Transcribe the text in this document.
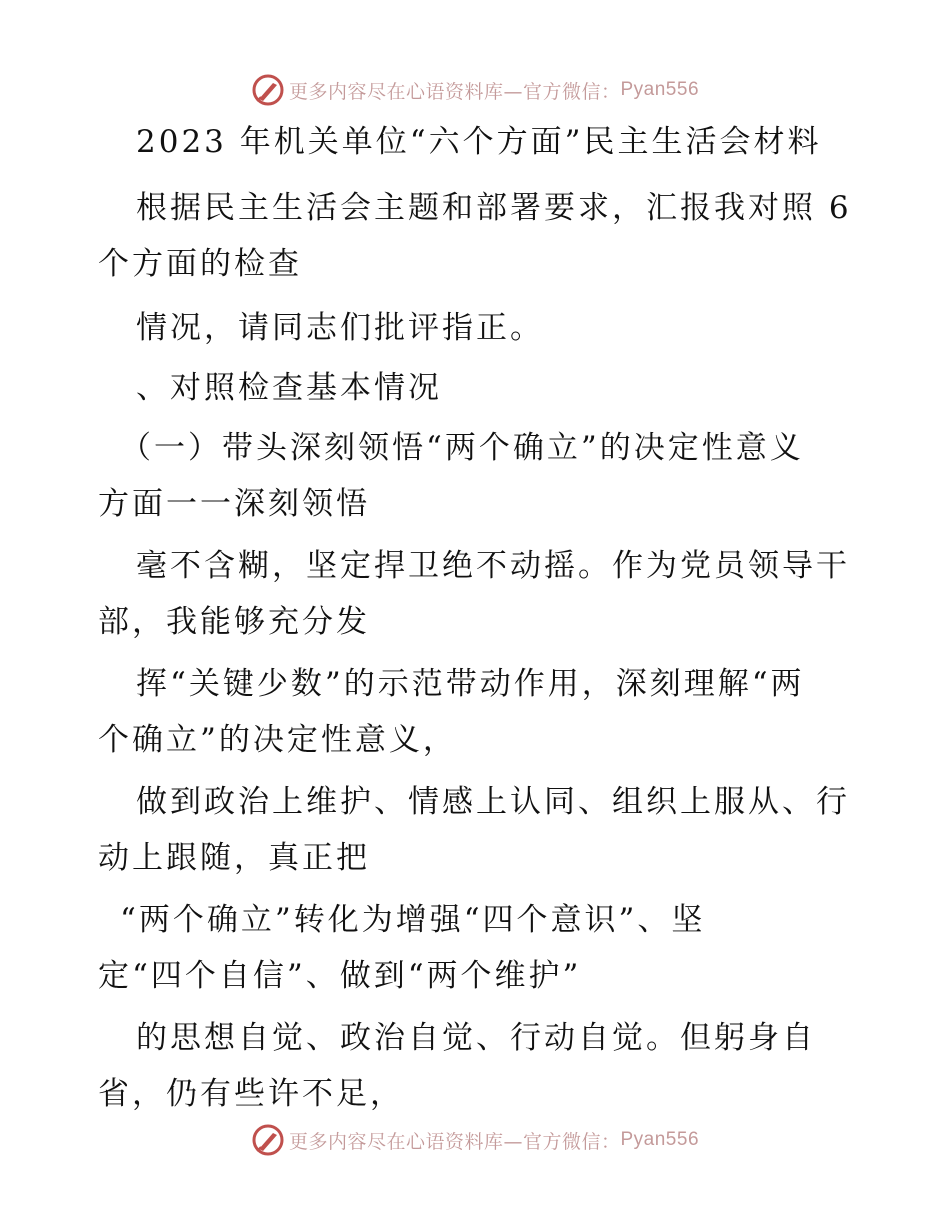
更多内容尽在心语资料库—官方微信： Pyan556
2023 年机关单位“六个方面”民主生活会材料
根据民主生活会主题和部署要求，汇报我对照 6
个方面的检查
情况，请同志们批评指正。
、对照检查基本情况
（一）带头深刻领悟“两个确立”的决定性意义
方面一一深刻领悟
毫不含糊，坚定捍卫绝不动摇。作为党员领导干
部，我能够充分发
挥“关键少数”的示范带动作用，深刻理解“两
个确立”的决定性意义，
做到政治上维护、情感上认同、组织上服从、行
动上跟随，真正把
“两个确立”转化为增强“四个意识”、坚
定“四个自信”、做到“两个维护”
的思想自觉、政治自觉、行动自觉。但躬身自
省，仍有些许不足，
更多内容尽在心语资料库—官方微信： Pyan556
